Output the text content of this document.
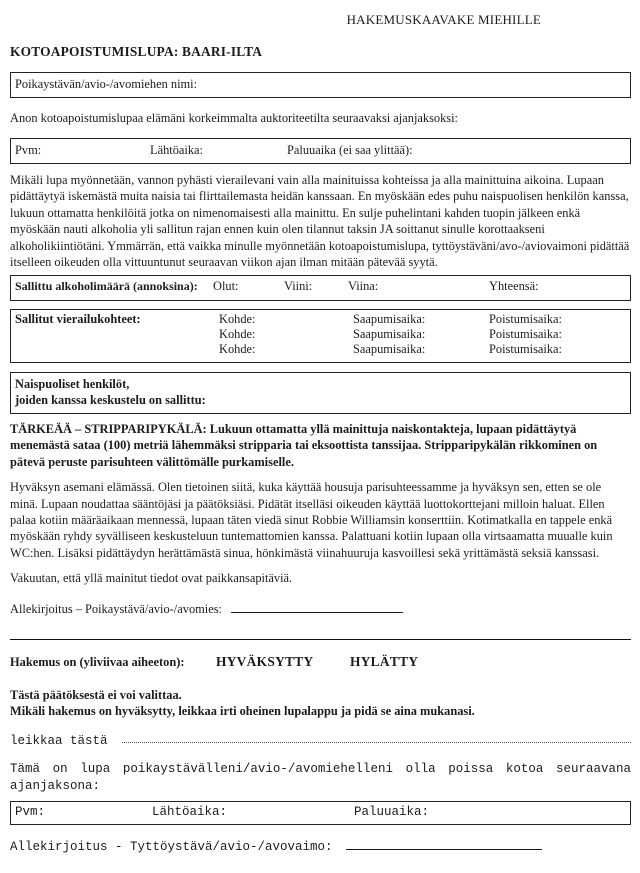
HAKEMUSKAAVAKE MIEHILLE
KOTOAPOISTUMISLUPA: BAARI-ILTA
Poikaystävän/avio-/avomiehen nimi:
Anon kotoapoistumislupaa elämäni korkeimmalta auktoriteetilta seuraavaksi ajanjaksoksi:
Pvm:	Lähtöaika:	Paluuaika (ei saa ylittää):
Mikäli lupa myönnetään, vannon pyhästi vierailevani vain alla mainituissa kohteissa ja alla mainittuina aikoina. Lupaan pidättäytyä iskemästä muita naisia tai flirttailemasta heidän kanssaan. En myöskään edes puhu naispuolisen henkilön kanssa, lukuun ottamatta henkilöitä jotka on nimenomaisesti alla mainittu. En sulje puhelintani kahden tuopin jälkeen enkä myöskään nauti alkoholia yli sallitun rajan ennen kuin olen tilannut taksin JA soittanut sinulle korottaakseni alkoholikiintiötäni. Ymmärrän, että vaikka minulle myönnetään kotoapoistumislupa, tyttöystäväni/avo-/aviovaimoni pidättää itselleen oikeuden olla vittuuntunut seuraavan viikon ajan ilman mitään pätevää syytä.
Sallittu alkoholimäärä (annoksina):	Olut:	Viini:	Viina:	Yhteensä:
Sallitut vierailukohteet:	Kohde:	Saapumisaika:	Poistumisaika:
Kohde:	Saapumisaika:	Poistumisaika:
Kohde:	Saapumisaika:	Poistumisaika:
Naispuoliset henkilöt,
joiden kanssa keskustelu on sallittu:
TÄRKEÄÄ – STRIPPARIPYKÄLÄ: Lukuun ottamatta yllä mainittuja naiskontakteja, lupaan pidättäytyä menemästä sataa (100) metriä lähemmäksi stripparia tai eksoottista tanssijaa. Stripparipykälän rikkominen on pätevä peruste parisuhteen välittömälle purkamiselle.
Hyväksyn asemani elämässä. Olen tietoinen siitä, kuka käyttää housuja parisuhteessamme ja hyväksyn sen, etten se ole minä. Lupaan noudattaa sääntöjäsi ja päätöksiäsi. Pidätät itselläsi oikeuden käyttää luottokorttejani milloin haluat. Ellen palaa kotiin määräaikaan mennessä, lupaan täten viedä sinut Robbie Williamsin konserttiin. Kotimatkalla en tappele enkä myöskään ryhdy syvälliseen keskusteluun tuntemattomien kanssa. Palattuani kotiin lupaan olla virtsaamatta muualle kuin WC:hen. Lisäksi pidättäydyn herättämästä sinua, hönkimästä viinahuuruja kasvoillesi sekä yrittämästä seksiä kanssasi.
Vakuutan, että yllä mainitut tiedot ovat paikkansapitäviä.
Allekirjoitus – Poikaystävä/avio-/avomies:
Hakemus on (yliviivaa aiheeton):	HYVÄKSYTTY	HYLÄTTY
Tästä päätöksestä ei voi valittaa.
Mikäli hakemus on hyväksytty, leikkaa irti oheinen lupalappu ja pidä se aina mukanasi.
leikkaa tästä
Tämä on lupa poikaystävälleni/avio-/avomiehelleni olla poissa kotoa seuraavana ajanjaksona:
Pvm:	Lähtöaika:	Paluuaika:
Allekirjoitus - Tyttöystävä/avio-/avovaimo:
